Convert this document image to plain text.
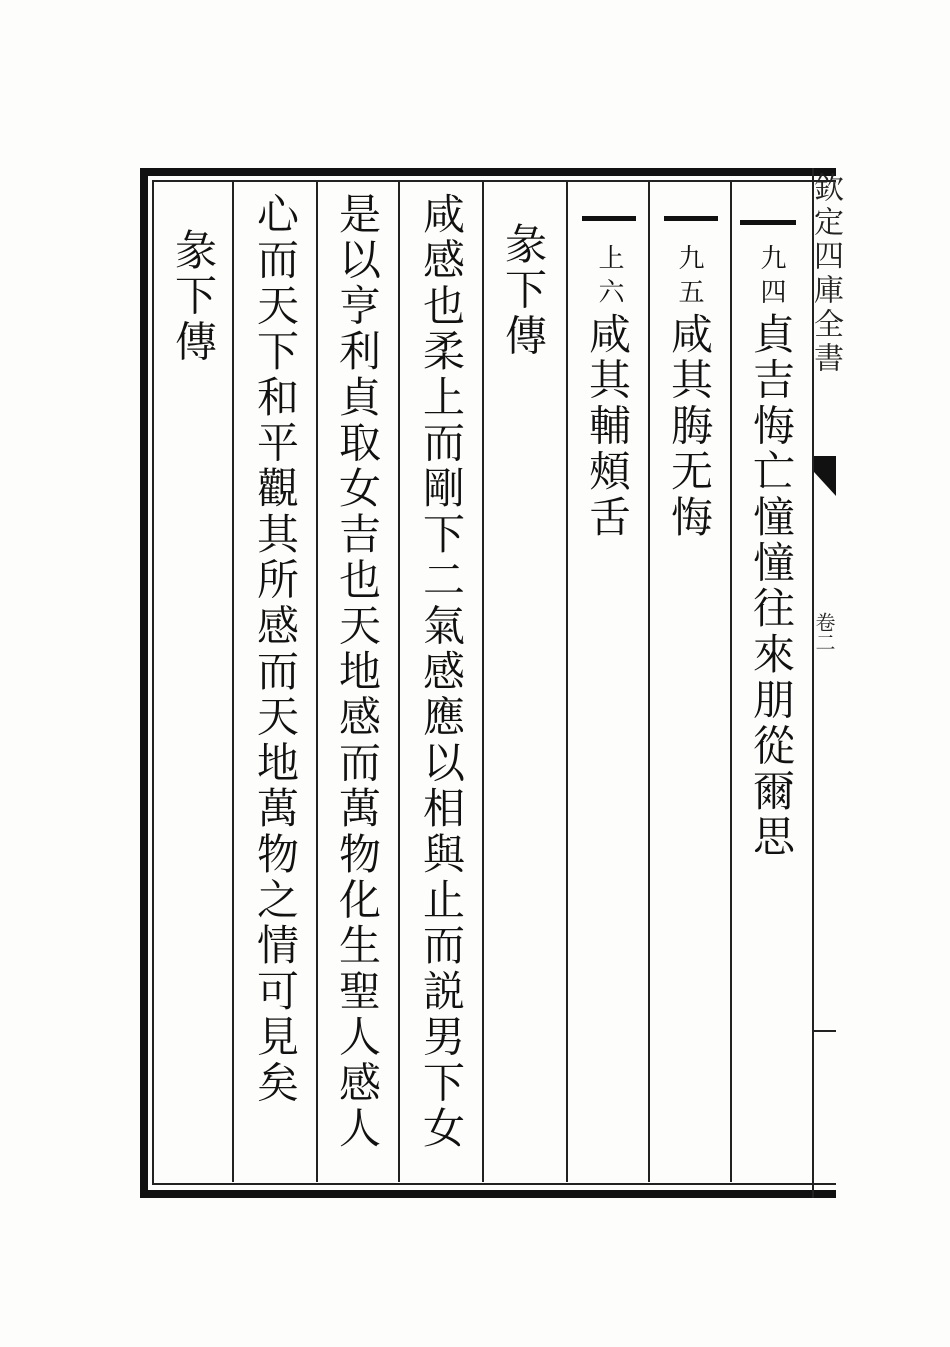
欽定四庫全書
卷二
九四
貞吉悔亡憧憧往來朋從爾思
九五
咸其脢无悔
上六
咸其輔頰舌
彖下傳
咸感也柔上而剛下二氣感應以相與止而説男下女
是以亨利貞取女吉也天地感而萬物化生聖人感人
心而天下和平觀其所感而天地萬物之情可見矣
彖下傳
